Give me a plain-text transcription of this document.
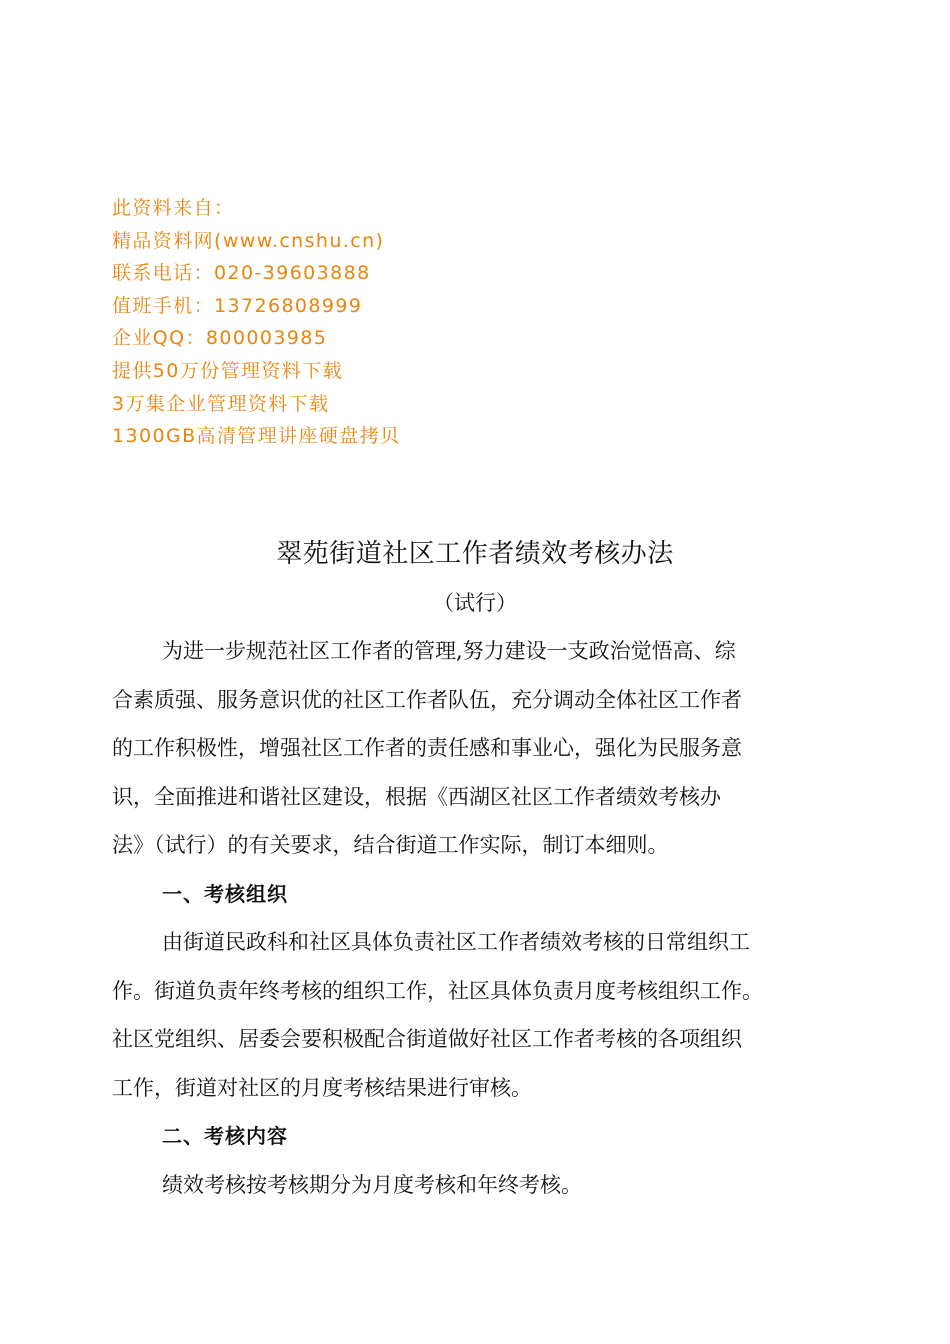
此资料来自：
精品资料网(www.cnshu.cn)
联系电话：020-39603888
值班手机：13726808999
企业QQ：800003985
提供50万份管理资料下载
3万集企业管理资料下载
1300GB高清管理讲座硬盘拷贝
翠苑街道社区工作者绩效考核办法
（试行）
为进一步规范社区工作者的管理,努力建设一支政治觉悟高、综
合素质强、服务意识优的社区工作者队伍，充分调动全体社区工作者
的工作积极性，增强社区工作者的责任感和事业心，强化为民服务意
识，全面推进和谐社区建设，根据《西湖区社区工作者绩效考核办
法》（试行）的有关要求，结合街道工作实际，制订本细则。
一、考核组织
由街道民政科和社区具体负责社区工作者绩效考核的日常组织工
作。街道负责年终考核的组织工作，社区具体负责月度考核组织工作。
社区党组织、居委会要积极配合街道做好社区工作者考核的各项组织
工作，街道对社区的月度考核结果进行审核。
二、考核内容
绩效考核按考核期分为月度考核和年终考核。
